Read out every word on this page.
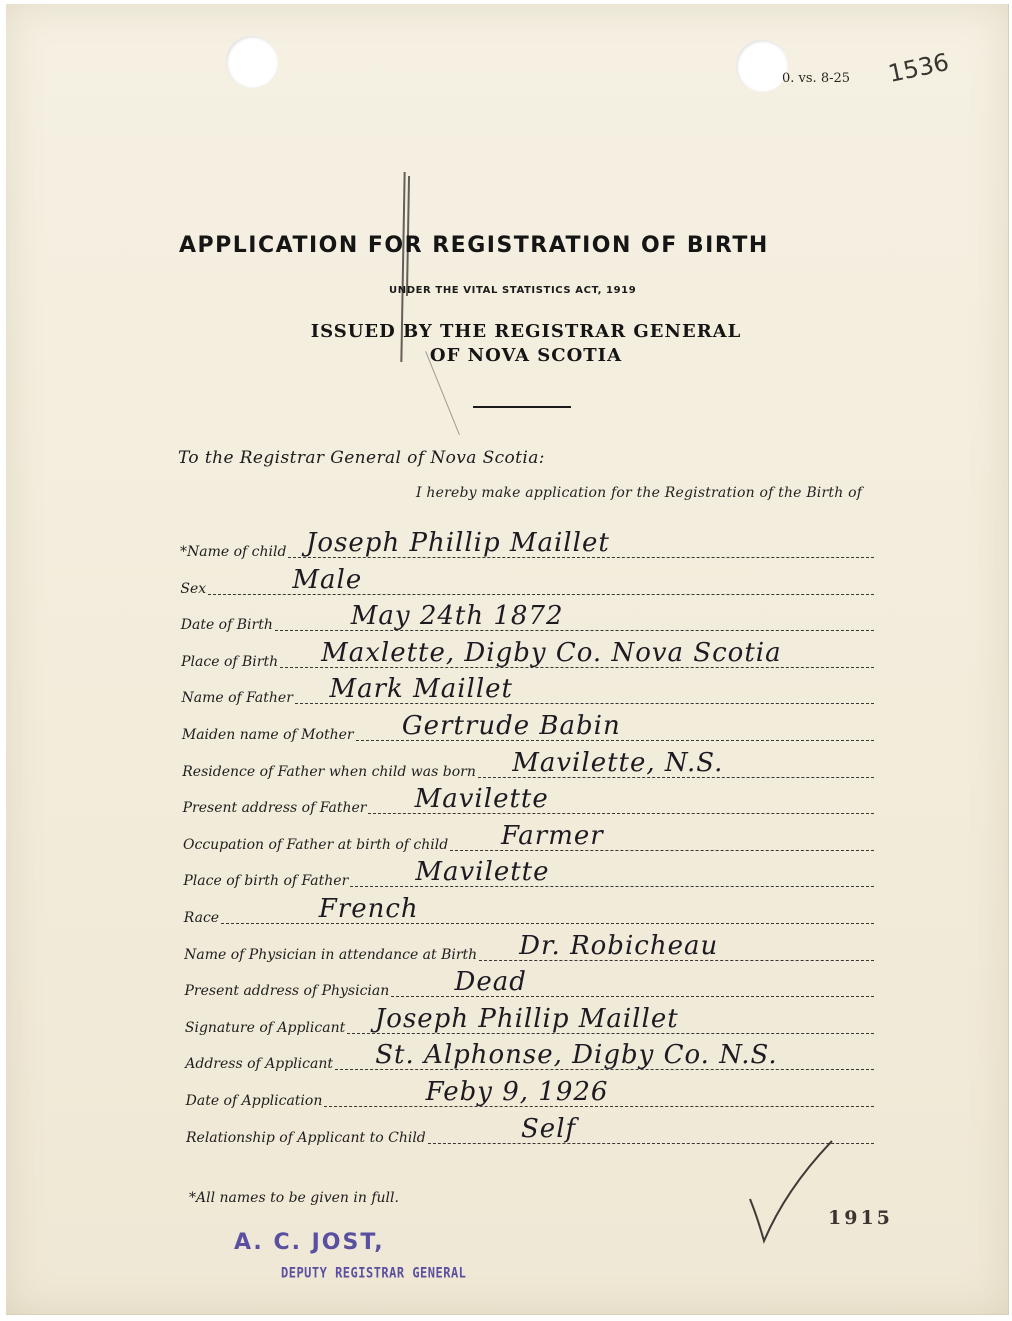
0. vs. 8-25 1536
APPLICATION FOR REGISTRATION OF BIRTH
UNDER THE VITAL STATISTICS ACT, 1919
ISSUED BY THE REGISTRAR GENERAL
OF NOVA SCOTIA
To the Registrar General of Nova Scotia:
I hereby make application for the Registration of the Birth of
*Name of child Joseph Phillip Maillet
Sex	Male
Date of Birth	May 24th 1872
Place of Birth Maxlette, Digby Co. Nova Scotia
Name of Father Mark Maillet
Maiden name of Mother Gertrude Babin
Residence of Father when child was born Mavilette, N.S.
Present address of Father Mavilette
Occupation of Father at birth of child Farmer
Place of birth of Father	Mavilette
Race	French
Name of Physician in attendance at Birth Dr. Robicheau
Present address of Physician	Dead
Signature of Applicant Joseph Phillip Maillet
Address of Applicant St. Alphonse, Digby Co. N.S.
Date of Application	Feby 9, 1926
Relationship of Applicant to Child	Self
*All names to be given in full.
A. C. JOST,
DEPUTY REGISTRAR GENERAL
1915
